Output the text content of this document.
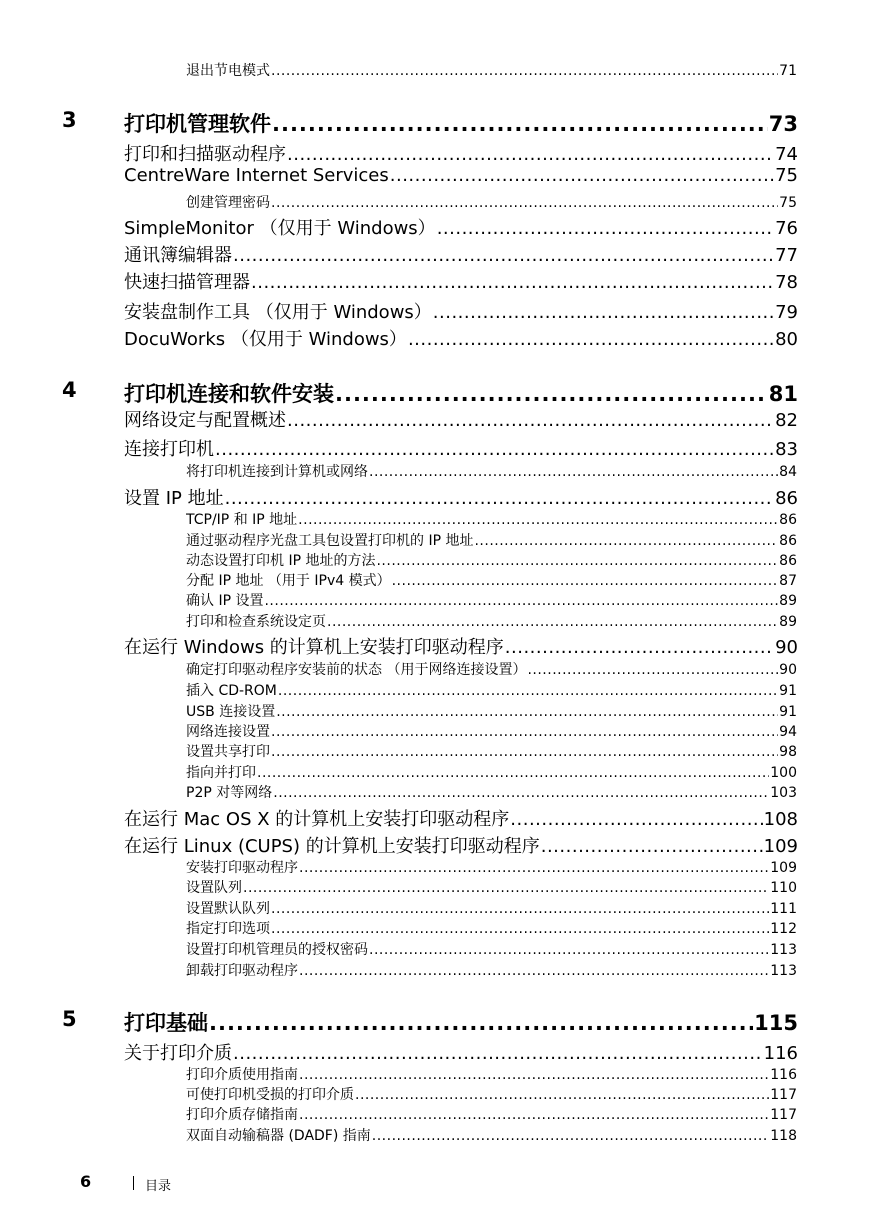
退出节电模式 .....	71
3 打印机管理软件 .....	73
打印和扫描驱动程序 .....	74
CentreWare Internet Services .....	75
创建管理密码 .....	75
SimpleMonitor （仅用于 Windows） .....	76
通讯簿编辑器 .....	77
快速扫描管理器 .....	78
安装盘制作工具 （仅用于 Windows） .....	79
DocuWorks （仅用于 Windows） .....	80
4 打印机连接和软件安装 .....	81
网络设定与配置概述 .....	82
连接打印机 .....	83
将打印机连接到计算机或网络 .....	84
设置 IP 地址 .....	86
TCP/IP 和 IP 地址 .....	86
通过驱动程序光盘工具包设置打印机的 IP 地址 .....	86
动态设置打印机 IP 地址的方法 .....	86
分配 IP 地址 （用于 IPv4 模式） .....	87
确认 IP 设置 .....	89
打印和检查系统设定页 .....	89
在运行 Windows 的计算机上安装打印驱动程序 .....	90
确定打印驱动程序安装前的状态 （用于网络连接设置） .....	90
插入 CD-ROM .....	91
USB 连接设置 .....	91
网络连接设置 .....	94
设置共享打印 .....	98
指向并打印 .....	100
P2P 对等网络 .....	103
在运行 Mac OS X 的计算机上安装打印驱动程序 .....	108
在运行 Linux (CUPS) 的计算机上安装打印驱动程序 .....	109
安装打印驱动程序 .....	109
设置队列 .....	110
设置默认队列 .....	111
指定打印选项 .....	112
设置打印机管理员的授权密码 .....	113
卸载打印驱动程序 .....	113
5 打印基础 .....	115
关于打印介质 .....	116
打印介质使用指南 .....	116
可使打印机受损的打印介质 .....	117
打印介质存储指南 .....	117
双面自动输稿器 (DADF) 指南 .....	118
6	目录
